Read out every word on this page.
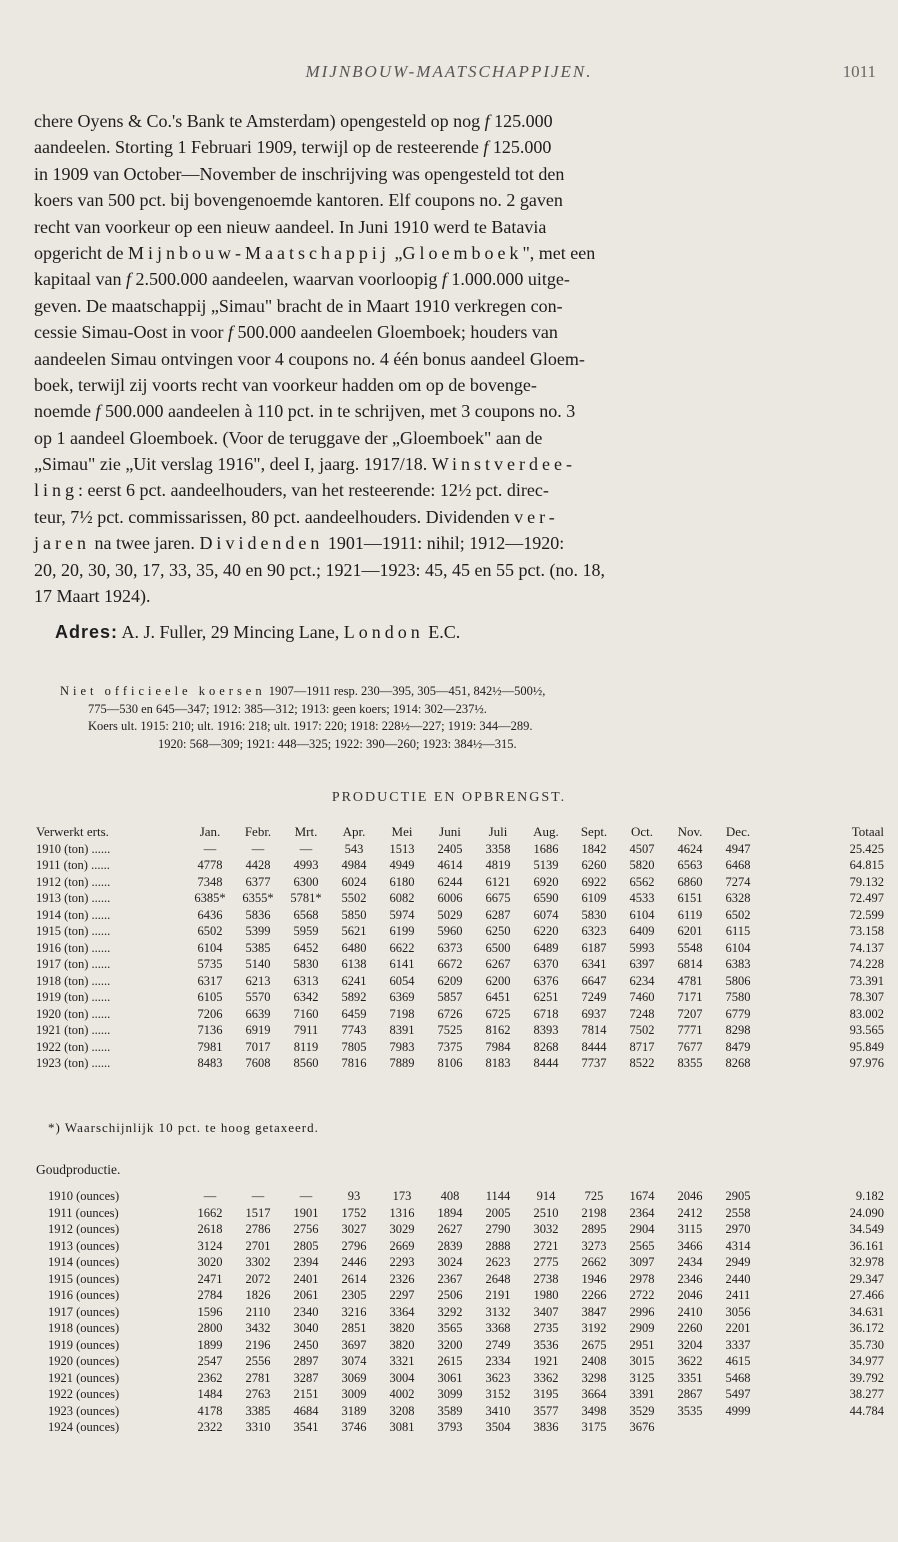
MIJNBOUW-MAATSCHAPPIJEN.	1011
chere Oyens & Co.'s Bank te Amsterdam) opengesteld op nog f 125.000
aandeelen. Storting 1 Februari 1909, terwijl op de resteerende f 125.000
in 1909 van October—November de inschrijving was opengesteld tot den
koers van 500 pct. bij bovengenoemde kantoren. Elf coupons no. 2 gaven
recht van voorkeur op een nieuw aandeel. In Juni 1910 werd te Batavia
opgericht de Mijnbouw-Maatschappij „Gloemboek", met een
kapitaal van f 2.500.000 aandeelen, waarvan voorloopig f 1.000.000 uitge-
geven. De maatschappij „Simau" bracht de in Maart 1910 verkregen con-
cessie Simau-Oost in voor f 500.000 aandeelen Gloemboek; houders van
aandeelen Simau ontvingen voor 4 coupons no. 4 één bonus aandeel Gloem-
boek, terwijl zij voorts recht van voorkeur hadden om op de bovenge-
noemde f 500.000 aandeelen à 110 pct. in te schrijven, met 3 coupons no. 3
op 1 aandeel Gloemboek. (Voor de teruggave der „Gloemboek" aan de
„Simau" zie „Uit verslag 1916", deel I, jaarg. 1917/18. Winstverdee-
ling: eerst 6 pct. aandeelhouders, van het resteerende: 12½ pct. direc-
teur, 7½ pct. commissarissen, 80 pct. aandeelhouders. Dividenden ver-
jaren na twee jaren. Dividenden 1901—1911: nihil; 1912—1920:
20, 20, 30, 30, 17, 33, 35, 40 en 90 pct.; 1921—1923: 45, 45 en 55 pct. (no. 18,
17 Maart 1924).
Adres: A. J. Fuller, 29 Mincing Lane, London E.C.
Niet officieele koersen 1907—1911 resp. 230—395, 305—451, 842½—500½,
775—530 en 645—347; 1912: 385—312; 1913: geen koers; 1914: 302—237½.
Koers ult. 1915: 210; ult. 1916: 218; ult. 1917: 220; 1918: 228½—227; 1919: 344—289.
1920: 568—309; 1921: 448—325; 1922: 390—260; 1923: 384½—315.
PRODUCTIE EN OPBRENGST.
Verwerkt erts.	Jan.	Febr.	Mrt.	Apr.	Mei	Juni	Juli	Aug.	Sept.	Oct.	Nov.	Dec.	Totaal
1910 (ton) ......	—	—	—	543	1513	2405	3358	1686	1842	4507	4624	4947	25.425
1911 (ton) ......	4778	4428	4993	4984	4949	4614	4819	5139	6260	5820	6563	6468	64.815
1912 (ton) ......	7348	6377	6300	6024	6180	6244	6121	6920	6922	6562	6860	7274	79.132
1913 (ton) ......	6385*	6355*	5781*	5502	6082	6006	6675	6590	6109	4533	6151	6328	72.497
1914 (ton) ......	6436	5836	6568	5850	5974	5029	6287	6074	5830	6104	6119	6502	72.599
1915 (ton) ......	6502	5399	5959	5621	6199	5960	6250	6220	6323	6409	6201	6115	73.158
1916 (ton) ......	6104	5385	6452	6480	6622	6373	6500	6489	6187	5993	5548	6104	74.137
1917 (ton) ......	5735	5140	5830	6138	6141	6672	6267	6370	6341	6397	6814	6383	74.228
1918 (ton) ......	6317	6213	6313	6241	6054	6209	6200	6376	6647	6234	4781	5806	73.391
1919 (ton) ......	6105	5570	6342	5892	6369	5857	6451	6251	7249	7460	7171	7580	78.307
1920 (ton) ......	7206	6639	7160	6459	7198	6726	6725	6718	6937	7248	7207	6779	83.002
1921 (ton) ......	7136	6919	7911	7743	8391	7525	8162	8393	7814	7502	7771	8298	93.565
1922 (ton) ......	7981	7017	8119	7805	7983	7375	7984	8268	8444	8717	7677	8479	95.849
1923 (ton) ......	8483	7608	8560	7816	7889	8106	8183	8444	7737	8522	8355	8268	97.976
*) Waarschijnlijk 10 pct. te hoog getaxeerd.
Goudproductie.
1910 (ounces)	—	—	—	93	173	408	1144	914	725	1674	2046	2905	9.182
1911 (ounces)	1662	1517	1901	1752	1316	1894	2005	2510	2198	2364	2412	2558	24.090
1912 (ounces)	2618	2786	2756	3027	3029	2627	2790	3032	2895	2904	3115	2970	34.549
1913 (ounces)	3124	2701	2805	2796	2669	2839	2888	2721	3273	2565	3466	4314	36.161
1914 (ounces)	3020	3302	2394	2446	2293	3024	2623	2775	2662	3097	2434	2949	32.978
1915 (ounces)	2471	2072	2401	2614	2326	2367	2648	2738	1946	2978	2346	2440	29.347
1916 (ounces)	2784	1826	2061	2305	2297	2506	2191	1980	2266	2722	2046	2411	27.466
1917 (ounces)	1596	2110	2340	3216	3364	3292	3132	3407	3847	2996	2410	3056	34.631
1918 (ounces)	2800	3432	3040	2851	3820	3565	3368	2735	3192	2909	2260	2201	36.172
1919 (ounces)	1899	2196	2450	3697	3820	3200	2749	3536	2675	2951	3204	3337	35.730
1920 (ounces)	2547	2556	2897	3074	3321	2615	2334	1921	2408	3015	3622	4615	34.977
1921 (ounces)	2362	2781	3287	3069	3004	3061	3623	3362	3298	3125	3351	5468	39.792
1922 (ounces)	1484	2763	2151	3009	4002	3099	3152	3195	3664	3391	2867	5497	38.277
1923 (ounces)	4178	3385	4684	3189	3208	3589	3410	3577	3498	3529	3535	4999	44.784
1924 (ounces)	2322	3310	3541	3746	3081	3793	3504	3836	3175	3676			
